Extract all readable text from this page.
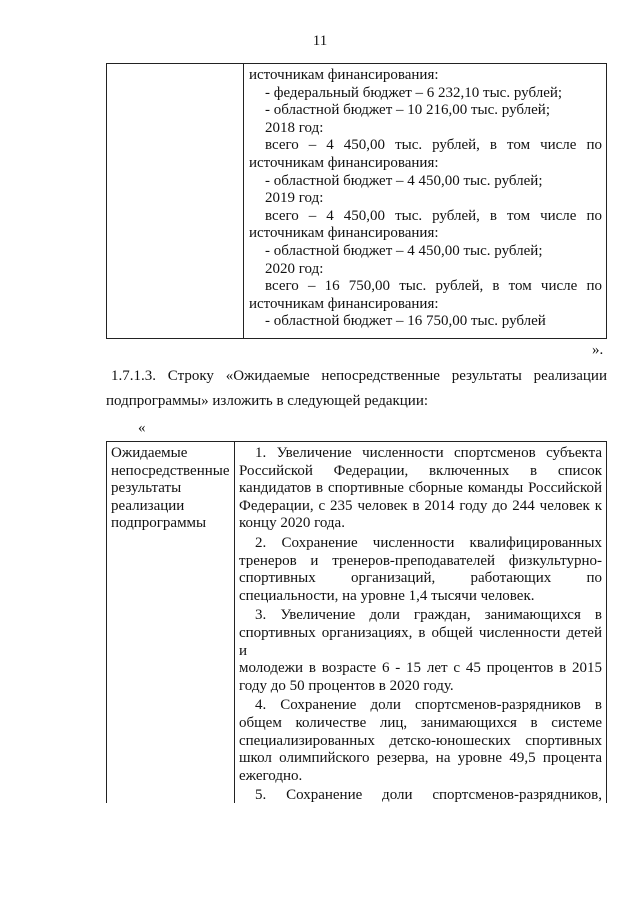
11
источникам финансирования:
- федеральный бюджет – 6 232,10 тыс. рублей;
- областной бюджет – 10 216,00 тыс. рублей;
2018 год:
всего – 4 450,00 тыс. рублей, в том числе по
источникам финансирования:
- областной бюджет – 4 450,00 тыс. рублей;
2019 год:
всего – 4 450,00 тыс. рублей, в том числе по
источникам финансирования:
- областной бюджет – 4 450,00 тыс. рублей;
2020 год:
всего – 16 750,00 тыс. рублей, в том числе по
источникам финансирования:
- областной бюджет – 16 750,00 тыс. рублей
».
1.7.1.3. Строку «Ожидаемые непосредственные результаты реализации
подпрограммы» изложить в следующей редакции:
«
Ожидаемые непосредственные результаты реализации подпрограммы
1. Увеличение численности спортсменов субъекта
Российской Федерации, включенных в список
кандидатов в спортивные сборные команды Российской
Федерации, с 235 человек в 2014 году до 244 человек к
концу 2020 года.
2. Сохранение численности квалифицированных
тренеров и тренеров-преподавателей физкультурно-
спортивных организаций, работающих по
специальности, на уровне 1,4 тысячи человек.
3. Увеличение доли граждан, занимающихся в
спортивных организациях, в общей численности детей и
молодежи в возрасте 6 - 15 лет с 45 процентов в 2015
году до 50 процентов в 2020 году.
4. Сохранение доли спортсменов-разрядников в
общем количестве лиц, занимающихся в системе
специализированных детско-юношеских спортивных
школ олимпийского резерва, на уровне 49,5 процента
ежегодно.
5. Сохранение доли спортсменов-разрядников,
